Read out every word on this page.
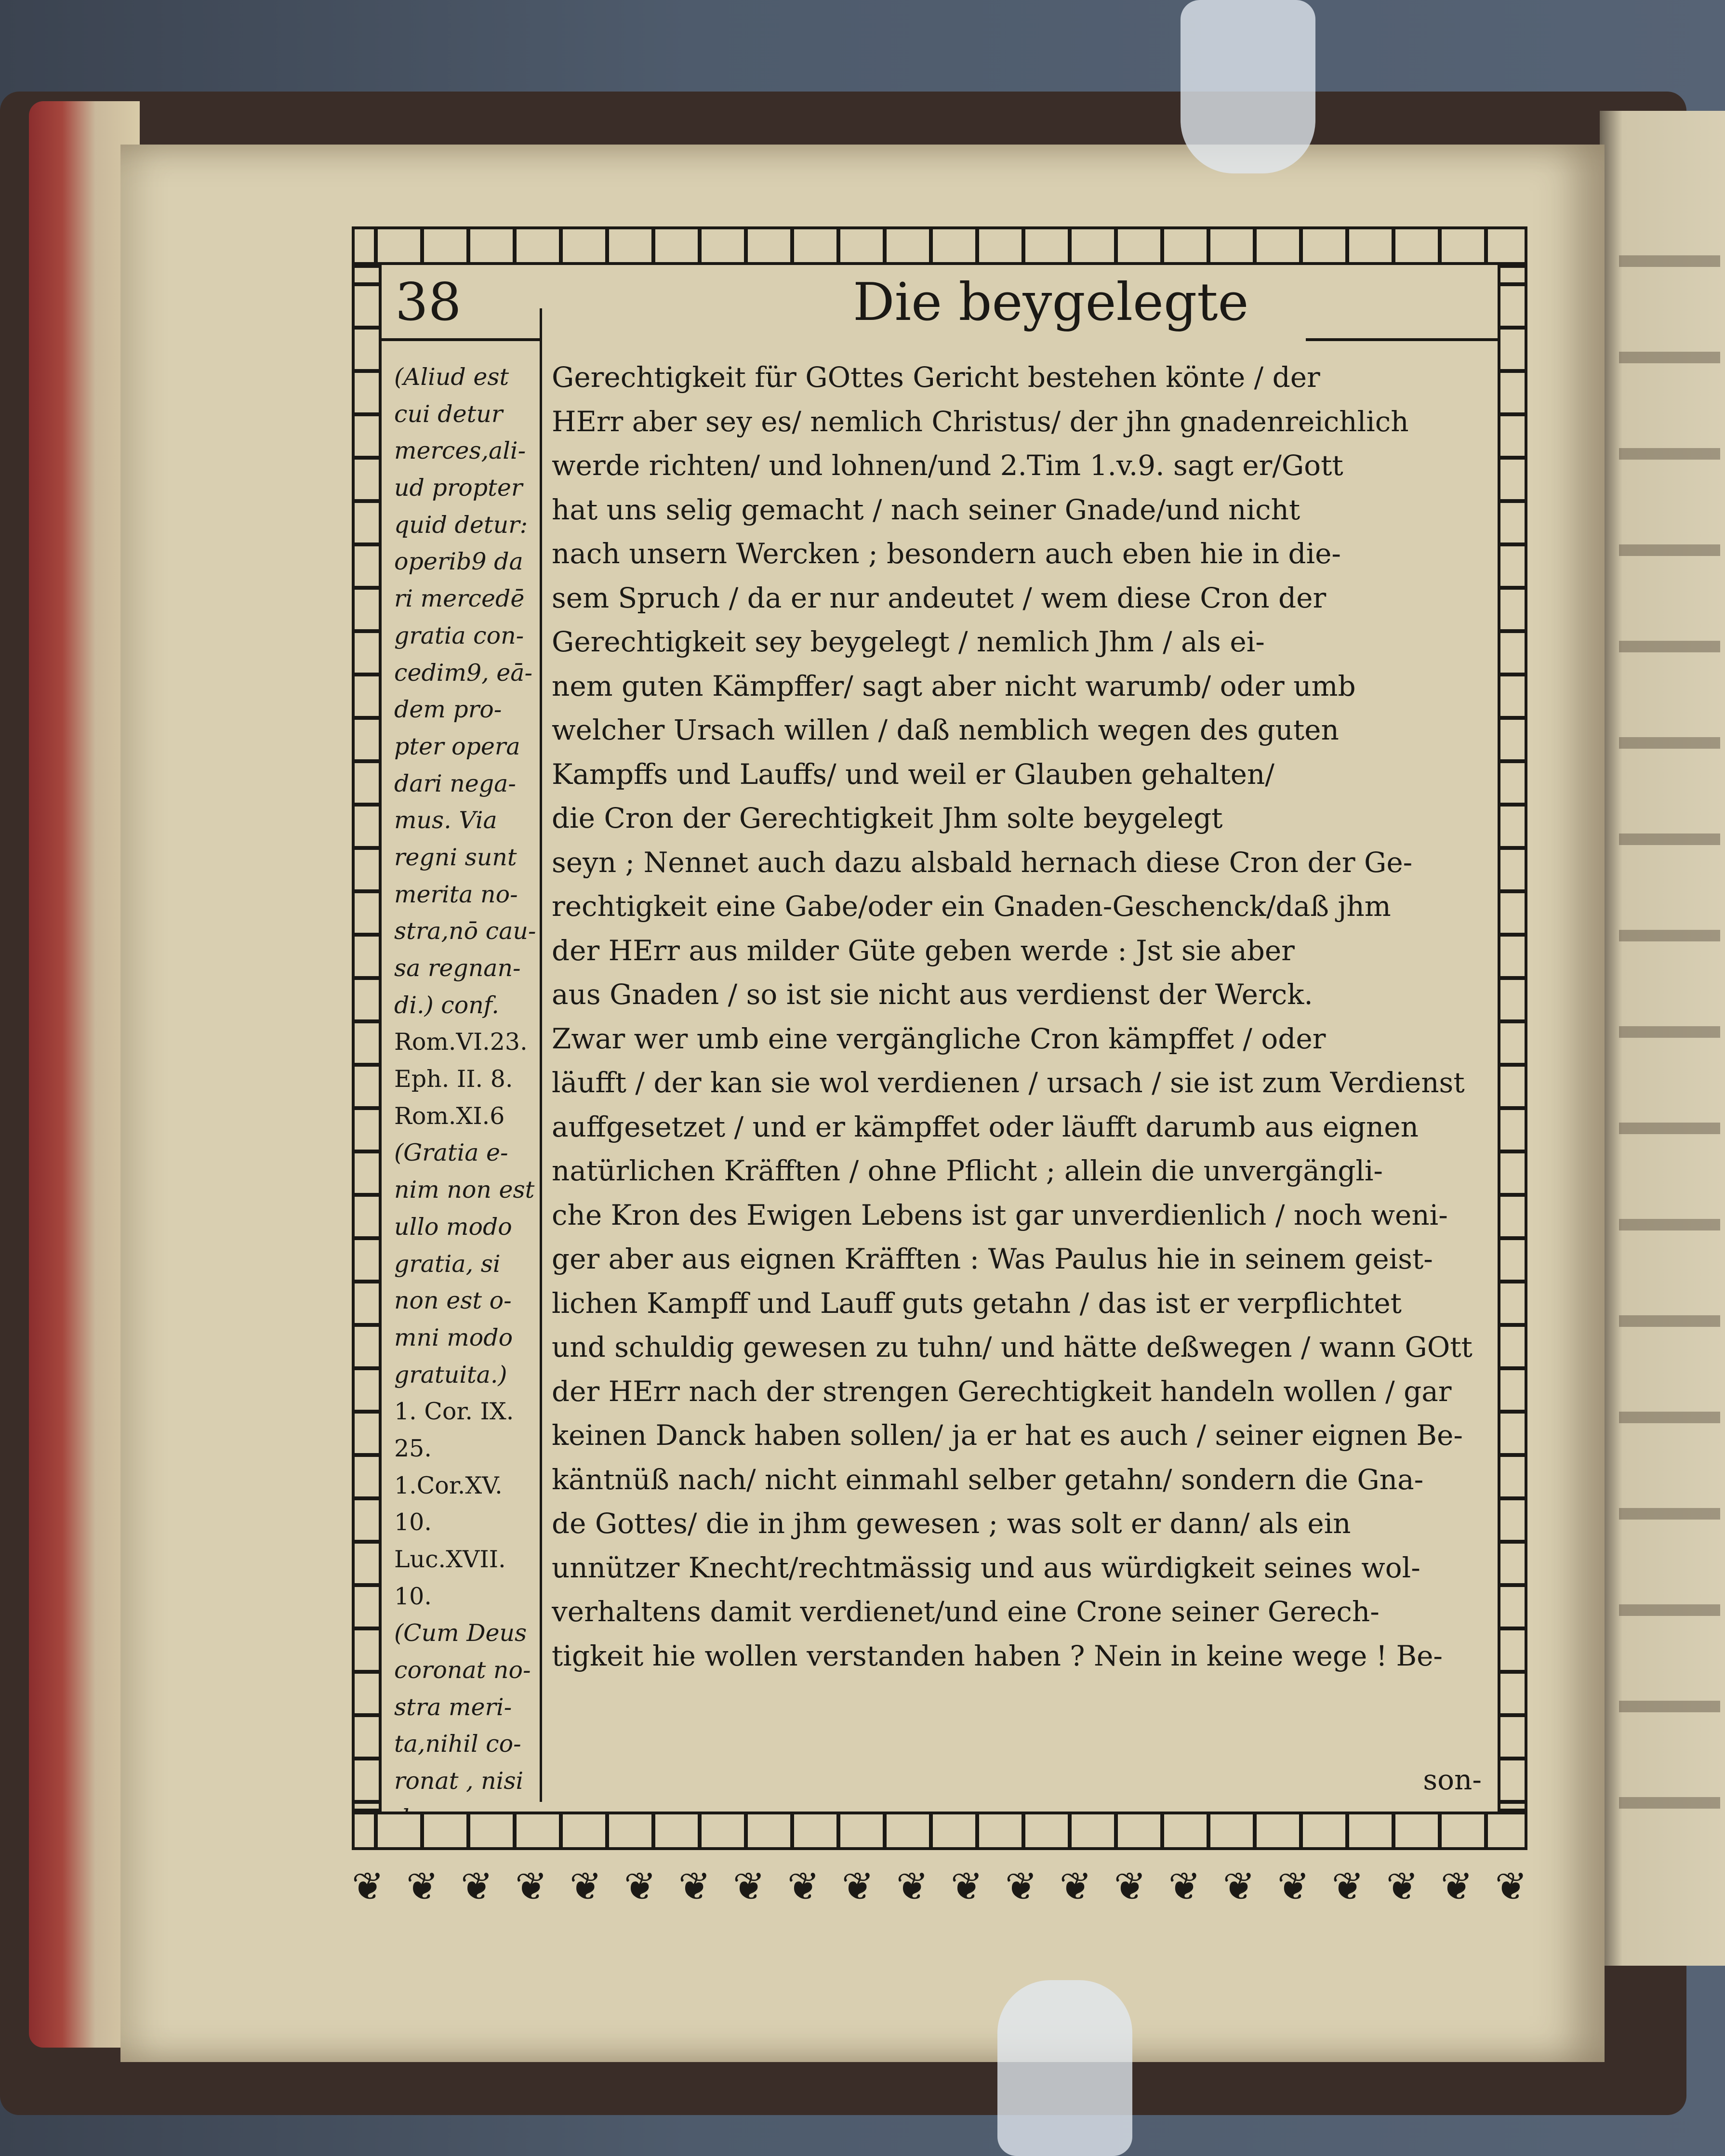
38	Die beygelegte
(Aliud est
cui detur
merces,ali-
ud propter
quid detur:
operib9 da
ri mercedē
gratia con-
cedim9, eā-
dem pro-
pter opera
dari nega-
mus. Via
regni sunt
merita no-
stra,nō cau-
sa regnan-
di.) conf.
Rom.VI.23.
Eph. II. 8.
Rom.XI.6
(Gratia e-
nim non est
ullo modo
gratia, si
non est o-
mni modo
gratuita.)
1. Cor. IX.
25.
1.Cor.XV.
10.
Luc.XVII.
10.
(Cum Deus
coronat no-
stra meri-
ta,nihil co-
ronat , nisi
Gerechtigkeit für GOttes Gericht bestehen könte / der
HErr aber sey es/ nemlich Christus/ der jhn gnadenreichlich
werde richten/ und lohnen/und 2.Tim 1.v.9. sagt er/Gott
hat uns selig gemacht / nach seiner Gnade/und nicht
nach unsern Wercken ; besondern auch eben hie in die-
sem Spruch / da er nur andeutet / wem diese Cron der
Gerechtigkeit sey beygelegt / nemlich Jhm / als ei-
nem guten Kämpffer/ sagt aber nicht warumb/ oder umb
welcher Ursach willen / daß nemblich wegen des guten
Kampffs und Lauffs/ und weil er Glauben gehalten/
die Cron der Gerechtigkeit Jhm solte beygelegt
seyn ; Nennet auch dazu alsbald hernach diese Cron der Ge-
rechtigkeit eine Gabe/oder ein Gnaden-Geschenck/daß jhm
der HErr aus milder Güte geben werde : Jst sie aber
aus Gnaden / so ist sie nicht aus verdienst der Werck.
Zwar wer umb eine vergängliche Cron kämpffet / oder
läufft / der kan sie wol verdienen / ursach / sie ist zum Verdienst
auffgesetzet / und er kämpffet oder läufft darumb aus eignen
natürlichen Kräfften / ohne Pflicht ; allein die unvergängli-
che Kron des Ewigen Lebens ist gar unverdienlich / noch weni-
ger aber aus eignen Kräfften : Was Paulus hie in seinem geist-
lichen Kampff und Lauff guts getahn / das ist er verpflichtet
und schuldig gewesen zu tuhn/ und hätte deßwegen / wann GOtt
der HErr nach der strengen Gerechtigkeit handeln wollen / gar
keinen Danck haben sollen/ ja er hat es auch / seiner eignen Be-
käntnüß nach/ nicht einmahl selber getahn/ sondern die Gna-
de Gottes/ die in jhm gewesen ; was solt er dann/ als ein
unnützer Knecht/rechtmässig und aus würdigkeit seines wol-
verhaltens damit verdienet/und eine Crone seiner Gerech-
tigkeit hie wollen verstanden haben ? Nein in keine wege ! Be-
son-
❦ ❦ ❦ ❦ ❦ ❦ ❦ ❦ ❦ ❦ ❦ ❦ ❦ ❦ ❦ ❦ ❦ ❦ ❦ ❦ ❦ ❦
